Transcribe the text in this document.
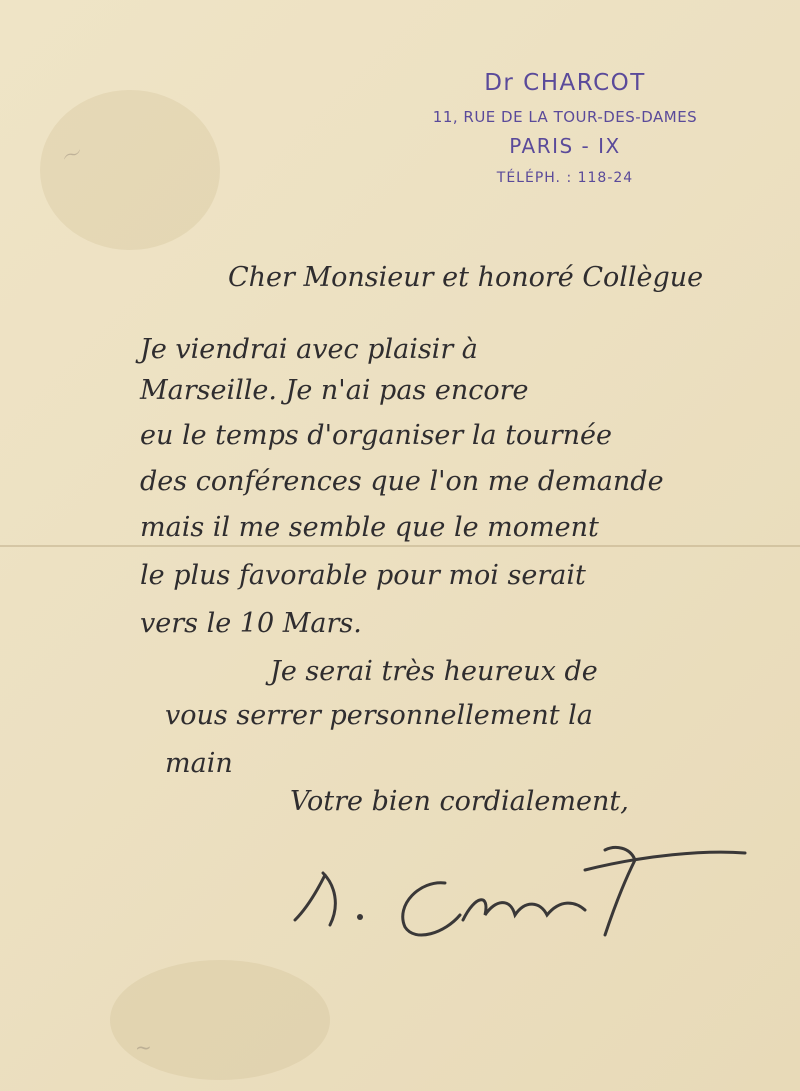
〜
~
Dr CHARCOT
11, RUE DE LA TOUR-DES-DAMES
PARIS - IX
TÉLÉPH. : 118-24
Cher Monsieur et honoré Collègue
Je viendrai avec plaisir à
Marseille. Je n'ai pas encore
eu le temps d'organiser la tournée
des conférences que l'on me demande
mais il me semble que le moment
le plus favorable pour moi serait
vers le 10 Mars.
Je serai très heureux de
vous serrer personnellement la
main
Votre bien cordialement,
